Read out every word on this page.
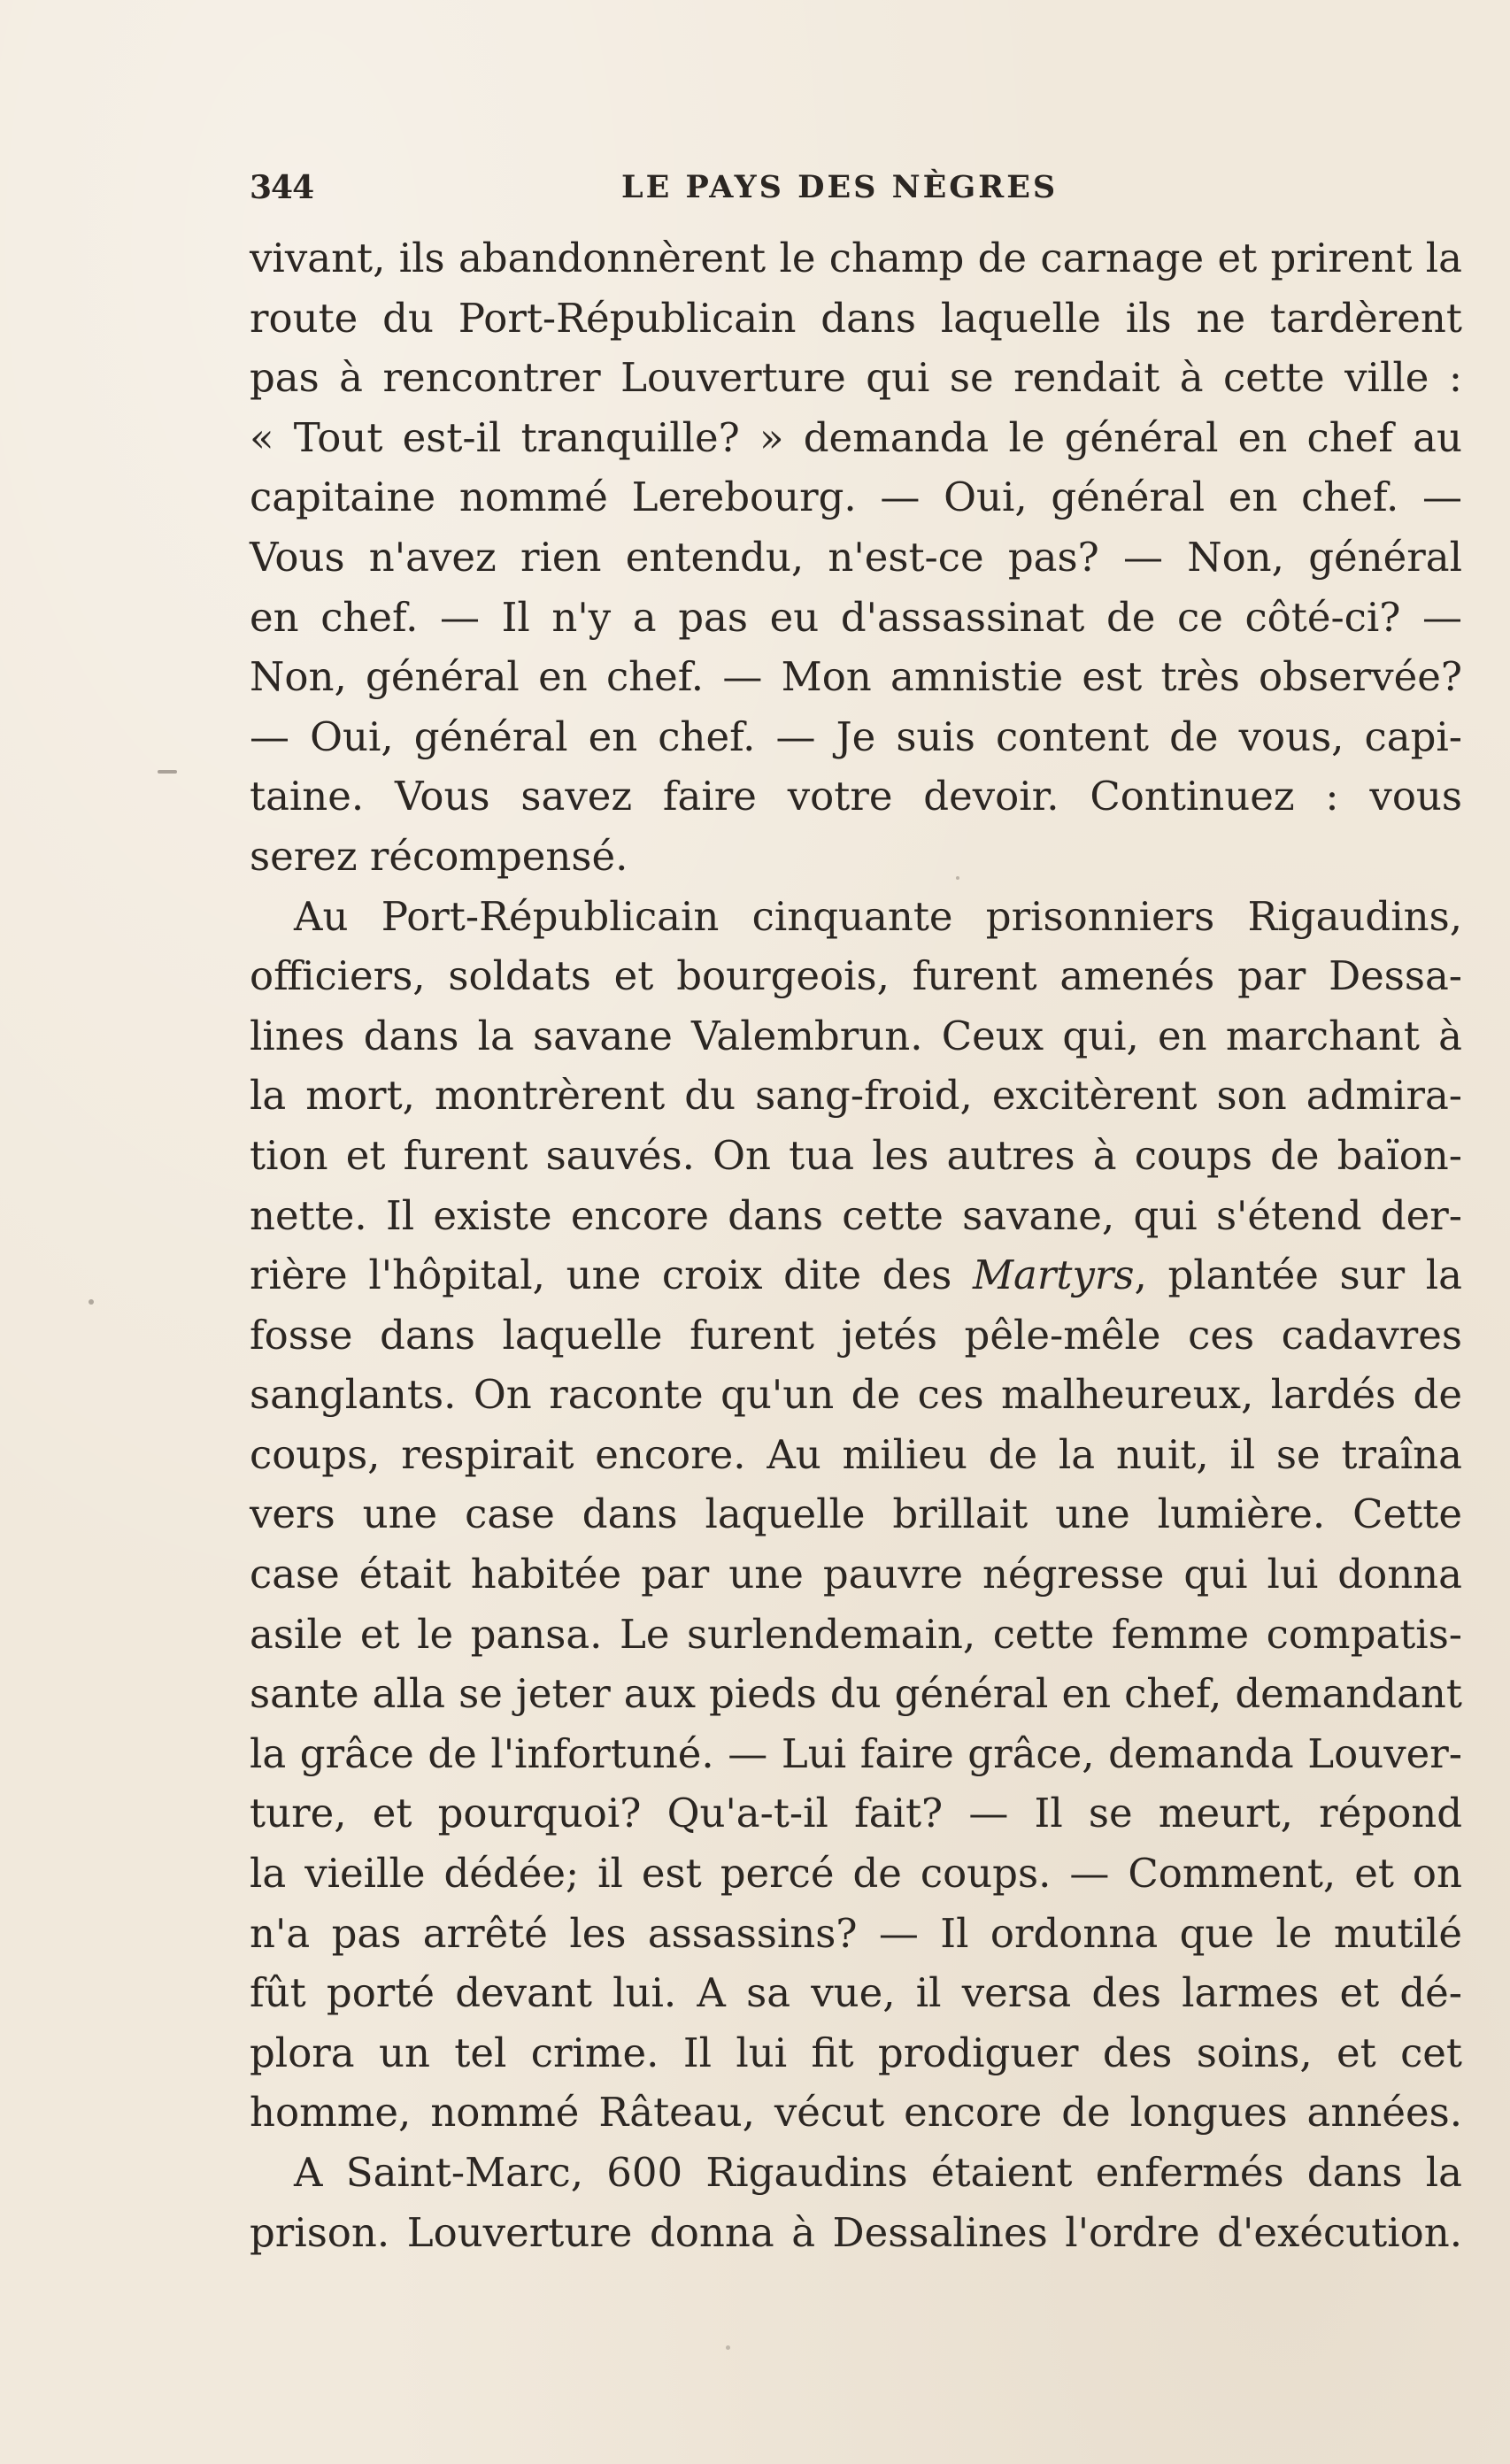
344	LE PAYS DES NÈGRES
vivant, ils abandonnèrent le champ de carnage et prirent la
route du Port-Républicain dans laquelle ils ne tardèrent
pas à rencontrer Louverture qui se rendait à cette ville :
« Tout est-il tranquille? » demanda le général en chef au
capitaine nommé Lerebourg. — Oui, général en chef. —
Vous n'avez rien entendu, n'est-ce pas? — Non, général
en chef. — Il n'y a pas eu d'assassinat de ce côté-ci? —
Non, général en chef. — Mon amnistie est très observée?
— Oui, général en chef. — Je suis content de vous, capi-
taine. Vous savez faire votre devoir. Continuez : vous
serez récompensé.
Au Port-Républicain cinquante prisonniers Rigaudins,
officiers, soldats et bourgeois, furent amenés par Dessa-
lines dans la savane Valembrun. Ceux qui, en marchant à
la mort, montrèrent du sang-froid, excitèrent son admira-
tion et furent sauvés. On tua les autres à coups de baïon-
nette. Il existe encore dans cette savane, qui s'étend der-
rière l'hôpital, une croix dite des Martyrs, plantée sur la
fosse dans laquelle furent jetés pêle-mêle ces cadavres
sanglants. On raconte qu'un de ces malheureux, lardés de
coups, respirait encore. Au milieu de la nuit, il se traîna
vers une case dans laquelle brillait une lumière. Cette
case était habitée par une pauvre négresse qui lui donna
asile et le pansa. Le surlendemain, cette femme compatis-
sante alla se jeter aux pieds du général en chef, demandant
la grâce de l'infortuné. — Lui faire grâce, demanda Louver-
ture, et pourquoi? Qu'a-t-il fait? — Il se meurt, répond
la vieille dédée; il est percé de coups. — Comment, et on
n'a pas arrêté les assassins? — Il ordonna que le mutilé
fût porté devant lui. A sa vue, il versa des larmes et dé-
plora un tel crime. Il lui fit prodiguer des soins, et cet
homme, nommé Râteau, vécut encore de longues années.
A Saint-Marc, 600 Rigaudins étaient enfermés dans la
prison. Louverture donna à Dessalines l'ordre d'exécution.
